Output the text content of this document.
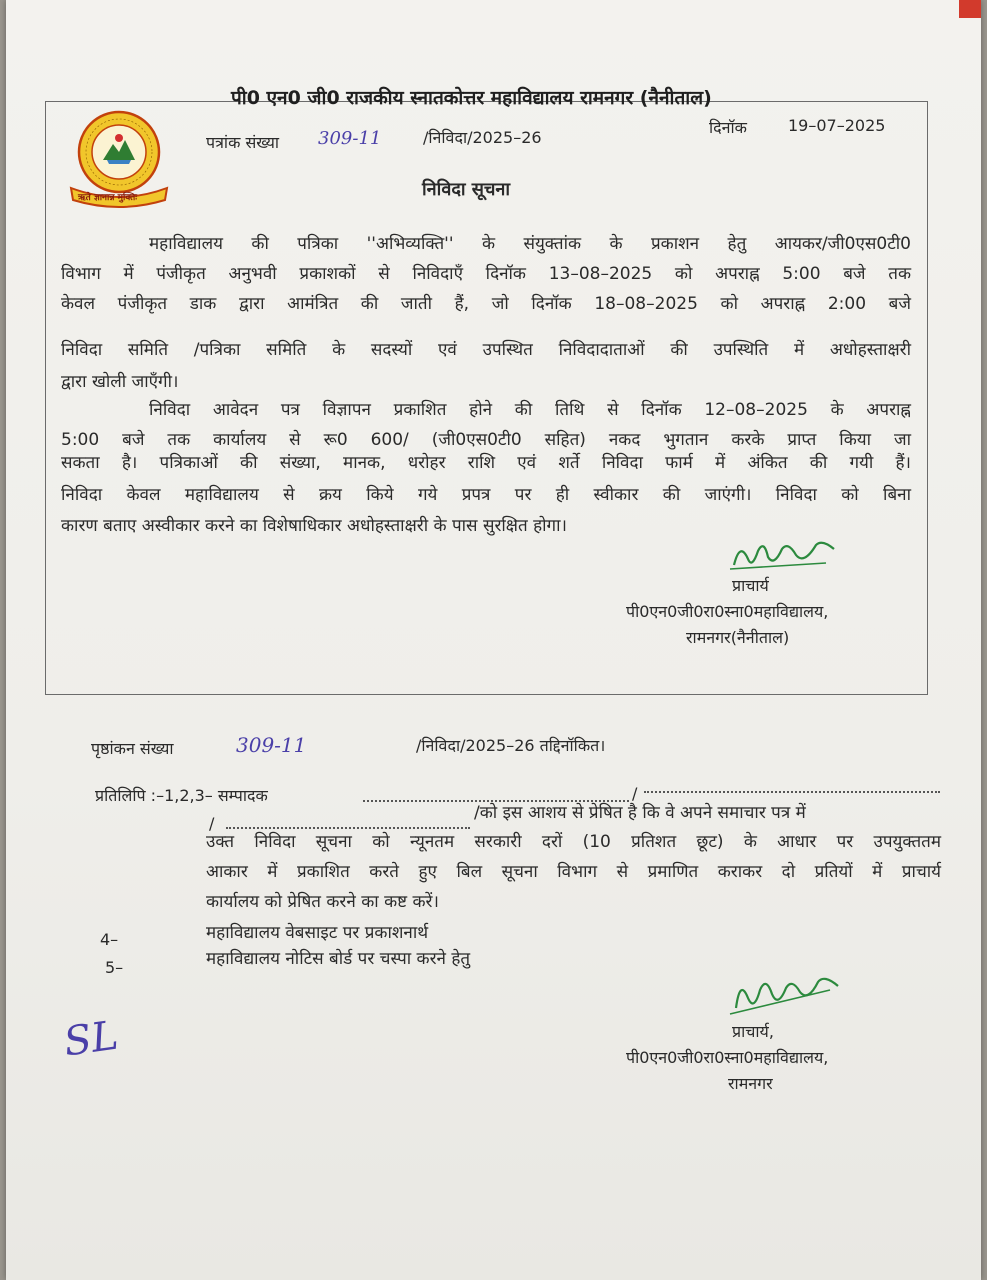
ऋते ज्ञानान्न मुक्तिः
पी0 एन0 जी0 राजकीय स्नातकोत्तर महाविद्यालय रामनगर (नैनीताल)
पत्रांक संख्या 309-11	/निविदा/2025–26
दिनॉक	19–07–2025
निविदा सूचना
महाविद्यालय की पत्रिका ''अभिव्यक्ति'' के संयुक्तांक के प्रकाशन हेतु आयकर/जी0एस0टी0
विभाग में पंजीकृत अनुभवी प्रकाशकों से निविदाएँ दिनॉक 13–08–2025 को अपराह्न 5:00 बजे तक
केवल पंजीकृत डाक द्वारा आमंत्रित की जाती हैं, जो दिनॉक 18–08–2025 को अपराह्न 2:00 बजे
निविदा समिति /पत्रिका समिति के सदस्यों एवं उपस्थित निविदादाताओं की उपस्थिति में अधोहस्ताक्षरी
द्वारा खोली जाएँगी।
निविदा आवेदन पत्र विज्ञापन प्रकाशित होने की तिथि से दिनॉक 12–08–2025 के अपराह्न
5:00 बजे तक कार्यालय से रू0 600/ (जी0एस0टी0 सहित) नकद भुगतान करके प्राप्त किया जा
सकता है। पत्रिकाओं की संख्या, मानक, धरोहर राशि एवं शर्ते निविदा फार्म में अंकित की गयी हैं।
निविदा केवल महाविद्यालय से क्रय किये गये प्रपत्र पर ही स्वीकार की जाएंगी। निविदा को बिना
कारण बताए अस्वीकार करने का विशेषाधिकार अधोहस्ताक्षरी के पास सुरक्षित होगा।
प्राचार्य
पी0एन0जी0रा0स्ना0महाविद्यालय,
रामनगर(नैनीताल)
पृष्ठांकन संख्या	309-11	/निविदा/2025–26 तद्दिनॉकित।
प्रतिलिपि :–1,2,3– सम्पादक	/
/
/को इस आशय से प्रेषित है कि वे अपने समाचार पत्र में
उक्त निविदा सूचना को न्यूनतम सरकारी दरों (10 प्रतिशत छूट) के आधार पर उपयुक्ततम
आकार में प्रकाशित करते हुए बिल सूचना विभाग से प्रमाणित कराकर दो प्रतियों में प्राचार्य
कार्यालय को प्रेषित करने का कष्ट करें।
4–	महाविद्यालय वेबसाइट पर प्रकाशनार्थ
5–	महाविद्यालय नोटिस बोर्ड पर चस्पा करने हेतु
प्राचार्य,
पी0एन0जी0रा0स्ना0महाविद्यालय,
रामनगर
SL
